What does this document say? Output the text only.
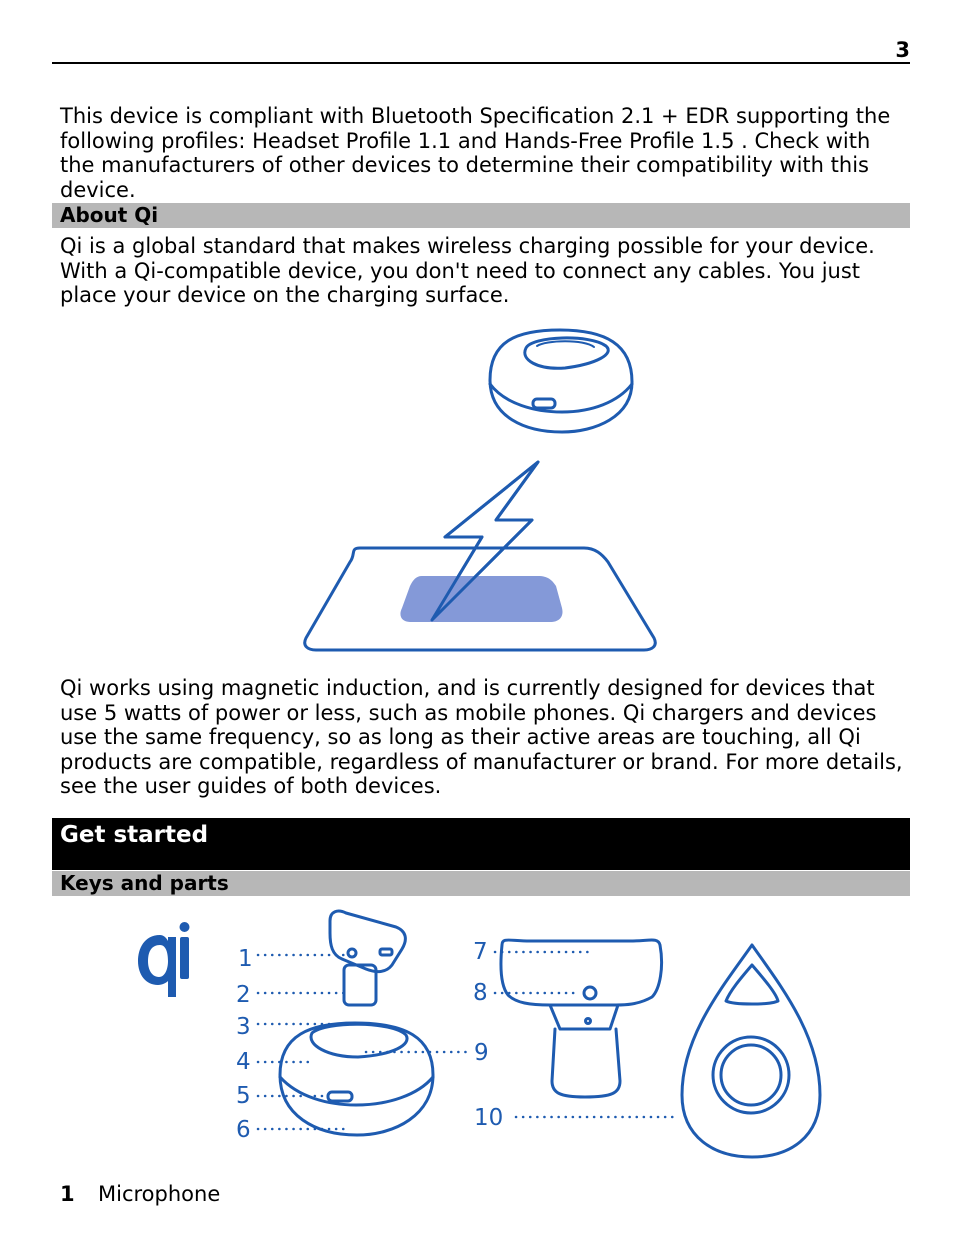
3

This device is compliant with Bluetooth Specification 2.1 + EDR supporting the following profiles: Headset Profile 1.1 and Hands-Free Profile 1.5 . Check with the manufacturers of other devices to determine their compatibility with this device.

About Qi

Qi is a global standard that makes wireless charging possible for your device. With a Qi-compatible device, you don't need to connect any cables. You just place your device on the charging surface.

Qi works using magnetic induction, and is currently designed for devices that use 5 watts of power or less, such as mobile phones. Qi chargers and devices use the same frequency, so as long as their active areas are touching, all Qi products are compatible, regardless of manufacturer or brand. For more details, see the user guides of both devices.

Get started
Keys and parts
1
2
3
4
5
6
7
8
9
10
1 Microphone
